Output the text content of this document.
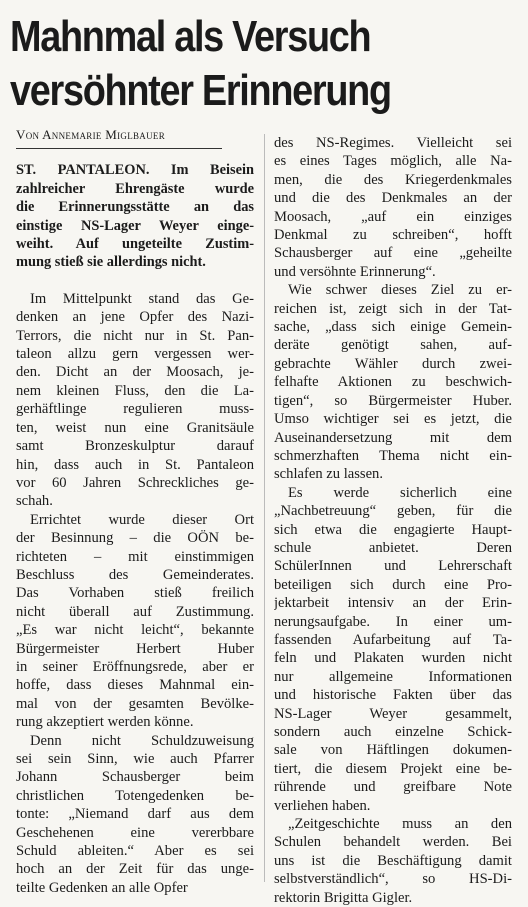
Mahnmal als Versuch
versöhnter Erinnerung
Von Annemarie Miglbauer
ST. PANTALEON. Im Beisein
zahlreicher Ehrengäste wurde
die Erinnerungsstätte an das
einstige NS-Lager Weyer einge-
weiht. Auf ungeteilte Zustim-
mung stieß sie allerdings nicht.
Im Mittelpunkt stand das Ge-
denken an jene Opfer des Nazi-
Terrors, die nicht nur in St. Pan-
taleon allzu gern vergessen wer-
den. Dicht an der Moosach, je-
nem kleinen Fluss, den die La-
gerhäftlinge regulieren muss-
ten, weist nun eine Granitsäule
samt Bronzeskulptur darauf
hin, dass auch in St. Pantaleon
vor 60 Jahren Schreckliches ge-
schah.
Errichtet wurde dieser Ort
der Besinnung – die OÖN be-
richteten – mit einstimmigen
Beschluss des Gemeinderates.
Das Vorhaben stieß freilich
nicht überall auf Zustimmung.
„Es war nicht leicht“, bekannte
Bürgermeister Herbert Huber
in seiner Eröffnungsrede, aber er
hoffe, dass dieses Mahnmal ein-
mal von der gesamten Bevölke-
rung akzeptiert werden könne.
Denn nicht Schuldzuweisung
sei sein Sinn, wie auch Pfarrer
Johann Schausberger beim
christlichen Totengedenken be-
tonte: „Niemand darf aus dem
Geschehenen eine vererbbare
Schuld ableiten.“ Aber es sei
hoch an der Zeit für das unge-
teilte Gedenken an alle Opfer
des NS-Regimes. Vielleicht sei
es eines Tages möglich, alle Na-
men, die des Kriegerdenkmales
und die des Denkmales an der
Moosach, „auf ein einziges
Denkmal zu schreiben“, hofft
Schausberger auf eine „geheilte
und versöhnte Erinnerung“.
Wie schwer dieses Ziel zu er-
reichen ist, zeigt sich in der Tat-
sache, „dass sich einige Gemein-
deräte genötigt sahen, auf-
gebrachte Wähler durch zwei-
felhafte Aktionen zu beschwich-
tigen“, so Bürgermeister Huber.
Umso wichtiger sei es jetzt, die
Auseinandersetzung mit dem
schmerzhaften Thema nicht ein-
schlafen zu lassen.
Es werde sicherlich eine
„Nachbetreuung“ geben, für die
sich etwa die engagierte Haupt-
schule anbietet. Deren
SchülerInnen und Lehrerschaft
beteiligen sich durch eine Pro-
jektarbeit intensiv an der Erin-
nerungsaufgabe. In einer um-
fassenden Aufarbeitung auf Ta-
feln und Plakaten wurden nicht
nur allgemeine Informationen
und historische Fakten über das
NS-Lager Weyer gesammelt,
sondern auch einzelne Schick-
sale von Häftlingen dokumen-
tiert, die diesem Projekt eine be-
rührende und greifbare Note
verliehen haben.
„Zeitgeschichte muss an den
Schulen behandelt werden. Bei
uns ist die Beschäftigung damit
selbstverständlich“, so HS-Di-
rektorin Brigitta Gigler.
